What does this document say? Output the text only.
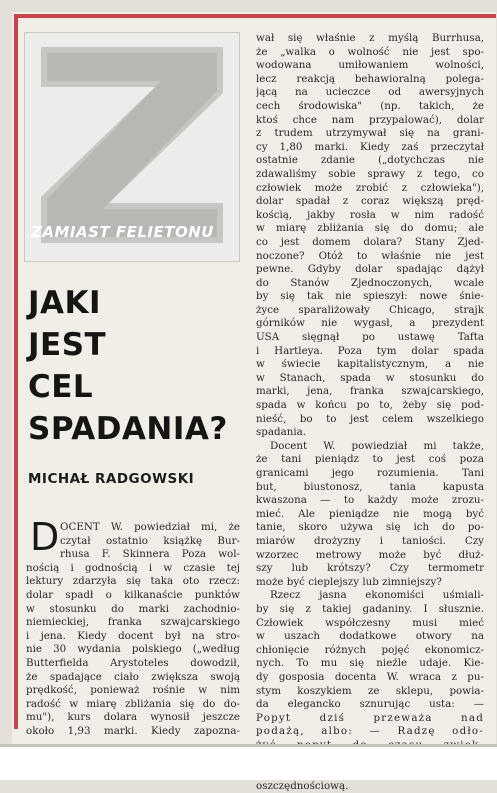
ZAMIAST FELIETONU
JAKI
JEST
CEL
SPADANIA?
MICHAŁ RADGOWSKI
D OCENT W. powiedział mi, że
czytał ostatnio książkę Bur-
rhusa F. Skinnera Poza wol-
nością i godnością i w czasie tej
lektury zdarzyła się taka oto rzecz:
dolar spadł o kilkanaście punktów
w stosunku do marki zachodnio-
niemieckiej, franka szwajcarskiego
i jena. Kiedy docent był na stro-
nie 30 wydania polskiego („według
Butterfielda Arystoteles dowodził,
że spadające ciało zwiększa swoją
prędkość, ponieważ rośnie w nim
radość w miarę zbliżania się do do-
mu"), kurs dolara wynosił jeszcze
około 1,93 marki. Kiedy zapozna-
wał się właśnie z myślą Burrhusa,
że „walka o wolność nie jest spo-
wodowana umiłowaniem wolności,
lecz reakcją behawioralną polega-
jącą na ucieczce od awersyjnych
cech środowiska" (np. takich, że
ktoś chce nam przypalować), dolar
z trudem utrzymywał się na grani-
cy 1,80 marki. Kiedy zaś przeczytał
ostatnie zdanie („dotychczas nie
zdawaliśmy sobie sprawy z tego, co
człowiek może zrobić z człowieka"),
dolar spadał z coraz większą pręd-
kością, jakby rosła w nim radość
w miarę zbliżania się do domu; ale
co jest domem dolara? Stany Zjed-
noczone? Otóż to właśnie nie jest
pewne. Gdyby dolar spadając dążył
do Stanów Zjednoczonych, wcale
by się tak nie spieszył: nowe śnie-
życe sparaliżowały Chicago, strajk
górników nie wygasł, a prezydent
USA sięgnął po ustawę Tafta
i Hartleya. Poza tym dolar spada
w świecie kapitalistycznym, a nie
w Stanach, spada w stosunku do
marki, jena, franka szwajcarskiego,
spada w końcu po to, żeby się pod-
nieść, bo to jest celem wszelkiego
spadania.
Docent W. powiedział mi także,
że tani pieniądz to jest coś poza
granicami jego rozumienia. Tani
but, biustonosz, tania kapusta
kwaszona — to każdy może zrozu-
mieć. Ale pieniądze nie mogą być
tanie, skoro używa się ich do po-
miarów drożyzny i taniości. Czy
wzorzec metrowy może być dłuż-
szy lub krótszy? Czy termometr
może być cieplejszy lub zimniejszy?
Rzecz jasna ekonomiści uśmiali-
by się z takiej gadaniny. I słusznie.
Człowiek współczesny musi mieć
w uszach dodatkowe otwory na
chłonięcie różnych pojęć ekonomicz-
nych. To mu się nieźle udaje. Kie-
dy gosposia docenta W. wraca z pu-
stym koszykiem ze sklepu, powia-
da elegancko sznurując usta: —
Popyt dziś przeważa nad
podażą, albo: — Radzę odło-
oszczędnościową.
